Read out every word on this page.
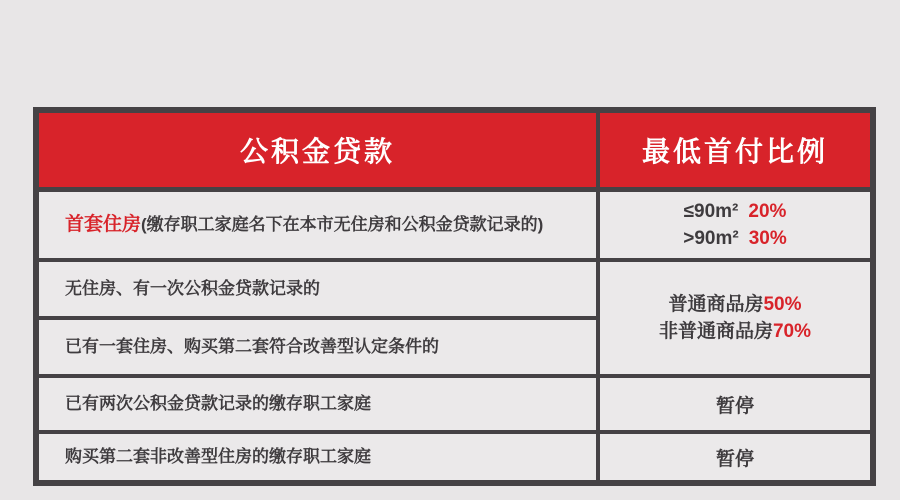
公积金贷款	最低首付比例
首套住房(缴存职工家庭名下在本市无住房和公积金贷款记录的)	≤90m² 20%
>90m² 30%

无住房、有一次公积金贷款记录的	普通商品房50%
非普通商品房70%

已有一套住房、购买第二套符合改善型认定条件的	
已有两次公积金贷款记录的缴存职工家庭	暂停
购买第二套非改善型住房的缴存职工家庭	暂停
